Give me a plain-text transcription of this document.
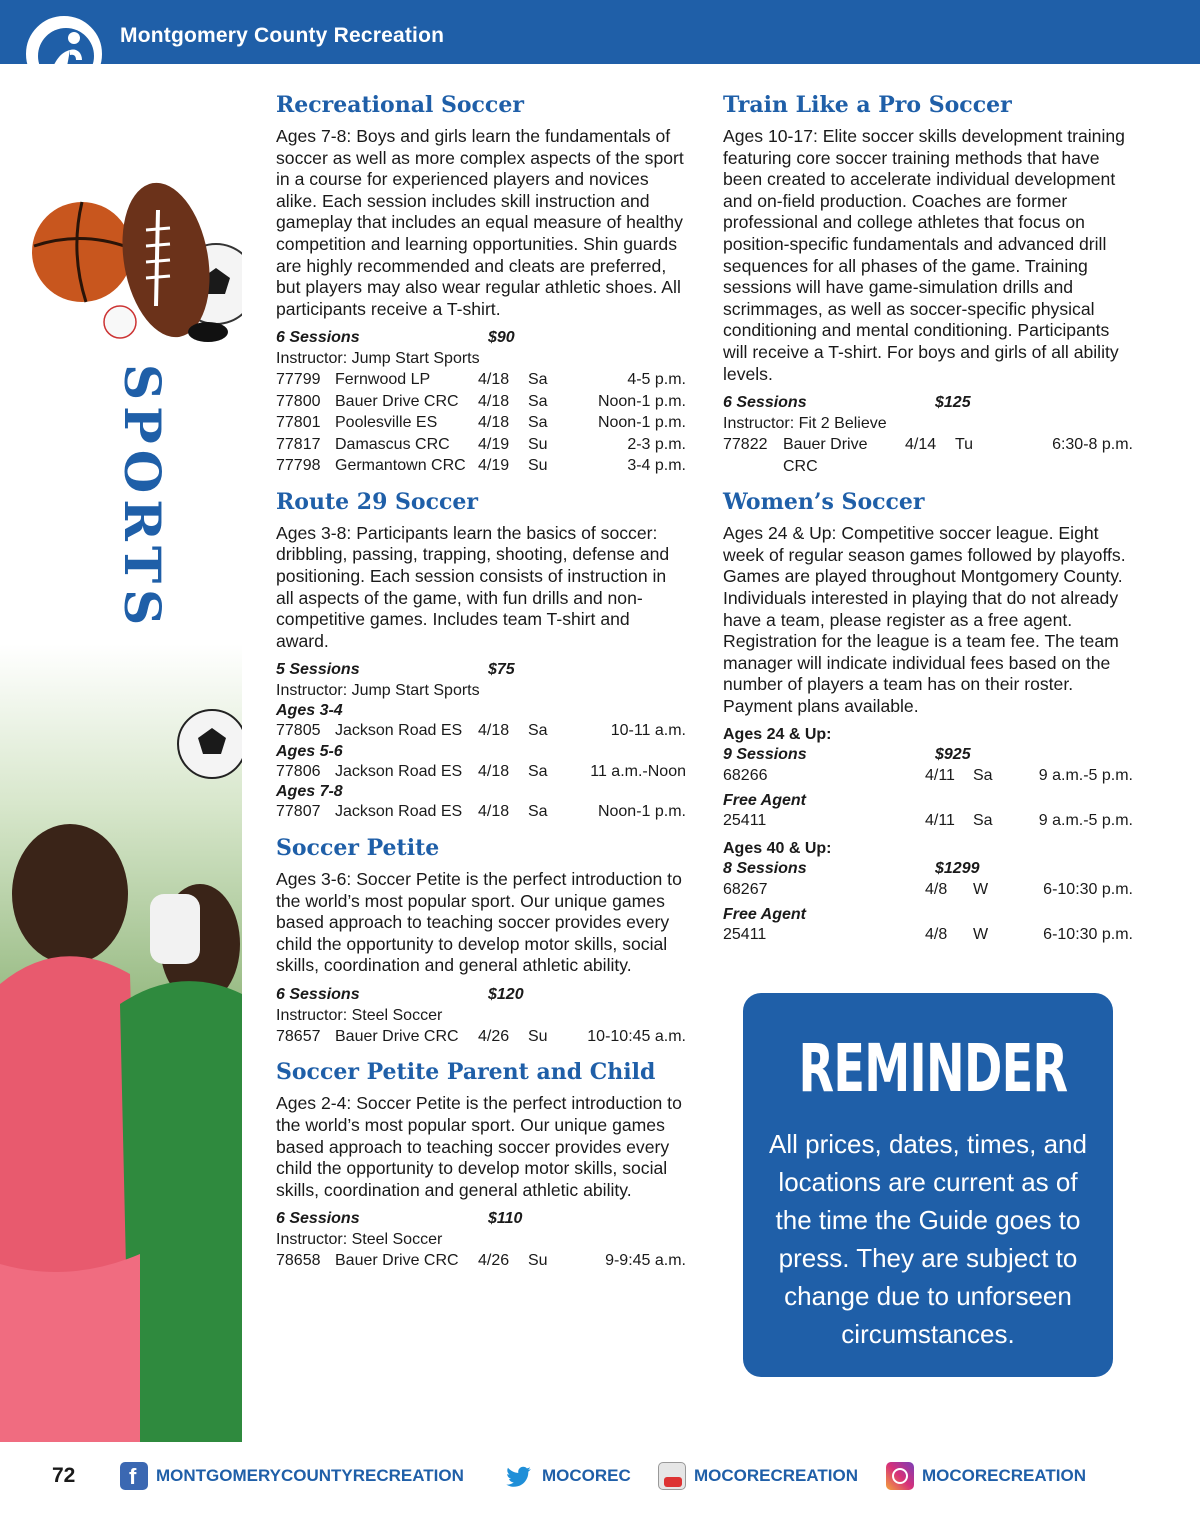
Montgomery County Recreation
SPORTS
Recreational Soccer

Ages 7-8: Boys and girls learn the fundamentals of soccer as well as more complex aspects of the sport in a course for experienced players and novices alike. Each session includes skill instruction and gameplay that includes an equal measure of healthy competition and learning opportunities. Shin guards are highly recommended and cleats are preferred, but players may also wear regular athletic shoes. All participants receive a T-shirt.

6 Sessions	$90
Instructor: Jump Start Sports
77799 Fernwood LP	4/18	Sa	4-5 p.m.
77800 Bauer Drive CRC	4/18	Sa	Noon-1 p.m.
77801 Poolesville ES	4/18	Sa	Noon-1 p.m.
77817 Damascus CRC	4/19	Su	2-3 p.m.
77798 Germantown CRC 4/19	Su	3-4 p.m.
Route 29 Soccer

Ages 3-8: Participants learn the basics of soccer: dribbling, passing, trapping, shooting, defense and positioning. Each session consists of instruction in all aspects of the game, with fun drills and non-competitive games. Includes team T-shirt and award.

5 Sessions	$75
Instructor: Jump Start Sports
Ages 3-4
77805 Jackson Road ES 4/18	Sa	10-11 a.m.
Ages 5-6
77806 Jackson Road ES 4/18	Sa	11 a.m.-Noon
Ages 7-8
77807 Jackson Road ES 4/18	Sa	Noon-1 p.m.
Soccer Petite

Ages 3-6: Soccer Petite is the perfect introduction to the world’s most popular sport. Our unique games based approach to teaching soccer provides every child the opportunity to develop motor skills, social skills, coordination and general athletic ability.

6 Sessions	$120
Instructor: Steel Soccer
78657 Bauer Drive CRC	4/26	Su	10-10:45 a.m.
Soccer Petite Parent and Child

Ages 2-4: Soccer Petite is the perfect introduction to the world’s most popular sport. Our unique games based approach to teaching soccer provides every child the opportunity to develop motor skills, social skills, coordination and general athletic ability.

6 Sessions	$110
Instructor: Steel Soccer
78658 Bauer Drive CRC	4/26	Su	9-9:45 a.m.
Train Like a Pro Soccer

Ages 10-17: Elite soccer skills development training featuring core soccer training methods that have been created to accelerate individual development and on-field production. Coaches are former professional and college athletes that focus on position-specific fundamentals and advanced drill sequences for all phases of the game. Training sessions will have game-simulation drills and scrimmages, as well as soccer-specific physical conditioning and mental conditioning. Participants will receive a T-shirt. For boys and girls of all ability levels.

6 Sessions	$125
Instructor: Fit 2 Believe
77822 Bauer Drive CRC
4/14	Tu	6:30-8 p.m.
Women’s Soccer

Ages 24 & Up: Competitive soccer league. Eight week of regular season games followed by playoffs. Games are played throughout Montgomery County. Individuals interested in playing that do not already have a team, please register as a free agent. Registration for the league is a team fee. The team manager will indicate individual fees based on the number of players a team has on their roster. Payment plans available.

Ages 24 & Up:
9 Sessions	$925
68266	4/11	Sa	9 a.m.-5 p.m.
Free Agent
25411	4/11	Sa	9 a.m.-5 p.m.
Ages 40 & Up:
8 Sessions	$1299
68267	4/8	W	6-10:30 p.m.
Free Agent
25411	4/8	W	6-10:30 p.m.
REMINDER
All prices, dates, times, and locations are current as of the time the Guide goes to press. They are subject to change due to unforseen circumstances.
72
f	MONTGOMERYCOUNTYRECREATION	MOCOREC	MOCORECREATION	MOCORECREATION
